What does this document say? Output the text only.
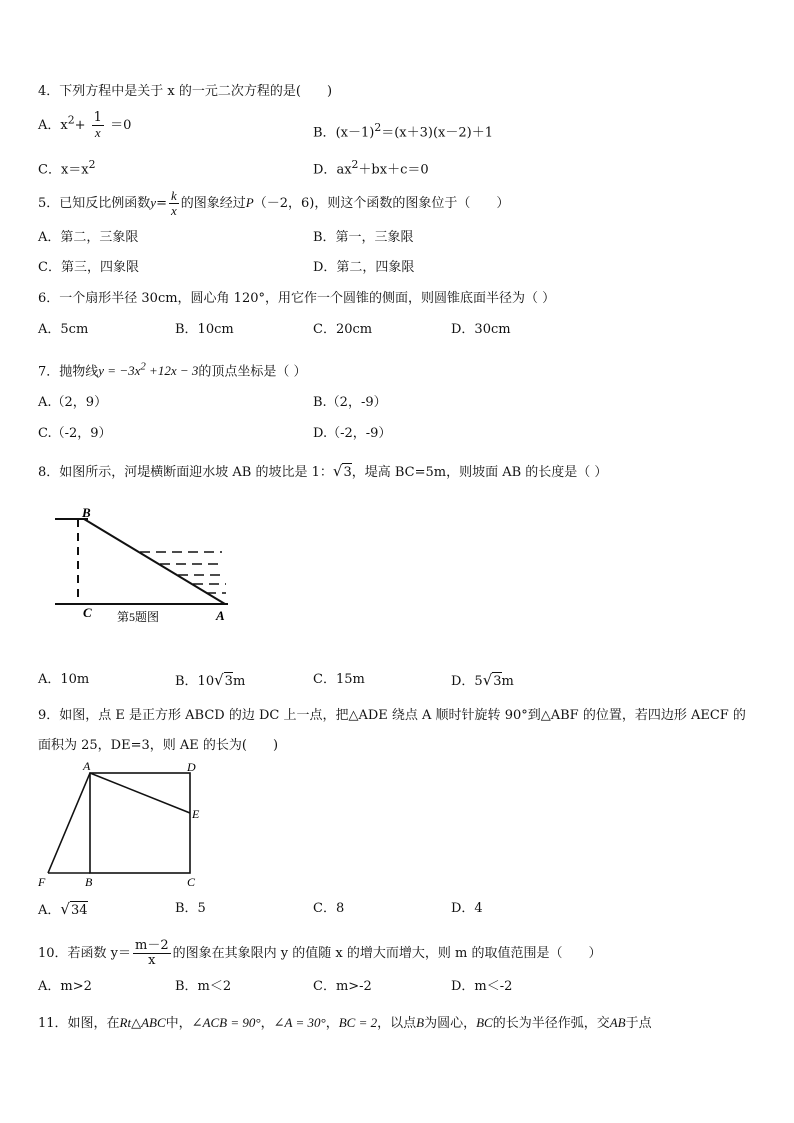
4．下列方程中是关于 x 的一元二次方程的是(　　)
A．$x^2+ \frac{1}{x} =0$	B．$(x-1)^2=(x+3)(x-2)+1$
C．$x=x^2$	D．$ax^2+bx+c=0$
5．已知反比例函数$y= \frac{k}{x}$ 的图象经过P（－2，6)，则这个函数的图象位于（　　）
A．第二，三象限	B．第一，三象限
C．第三，四象限	D．第二，四象限
6．一个扇形半径 30cm，圆心角 120°，用它作一个圆锥的侧面，则圆锥底面半径为（ ）
A．5cm	B．10cm	C．20cm	D．30cm
7．抛物线$y = -3x^2 +12x - 3$的顶点坐标是（ ）
A.（2，9）	B.（2，-9）
C.（-2，9）	D.（-2，-9）
8．如图所示，河堤横断面迎水坡 AB 的坡比是 1：√3，堤高 BC=5m，则坡面 AB 的长度是（ ）
B
C	A
第5题图
A．10m	B．10√3m	C．15m	D．5√3m
9．如图，点 E 是正方形 ABCD 的边 DC 上一点，把△ADE 绕点 A 顺时针旋转 90°到△ABF 的位置，若四边形 AECF 的
面积为 25，DE=3，则 AE 的长为(　　)
A	D
E
F	B	C
A．√34	B．5	C．8	D．4
10．若函数 $y= \frac{m-2}{x}$ 的图象在其象限内 y 的值随 x 的增大而增大，则 m 的取值范围是（　　）
A．m>2	B．m＜2	C．m>-2	D．m＜-2
11．如图，在Rt△ABC中，∠ACB = 90°，∠A = 30°，BC = 2，以点B为圆心，BC的长为半径作弧，交AB于点
